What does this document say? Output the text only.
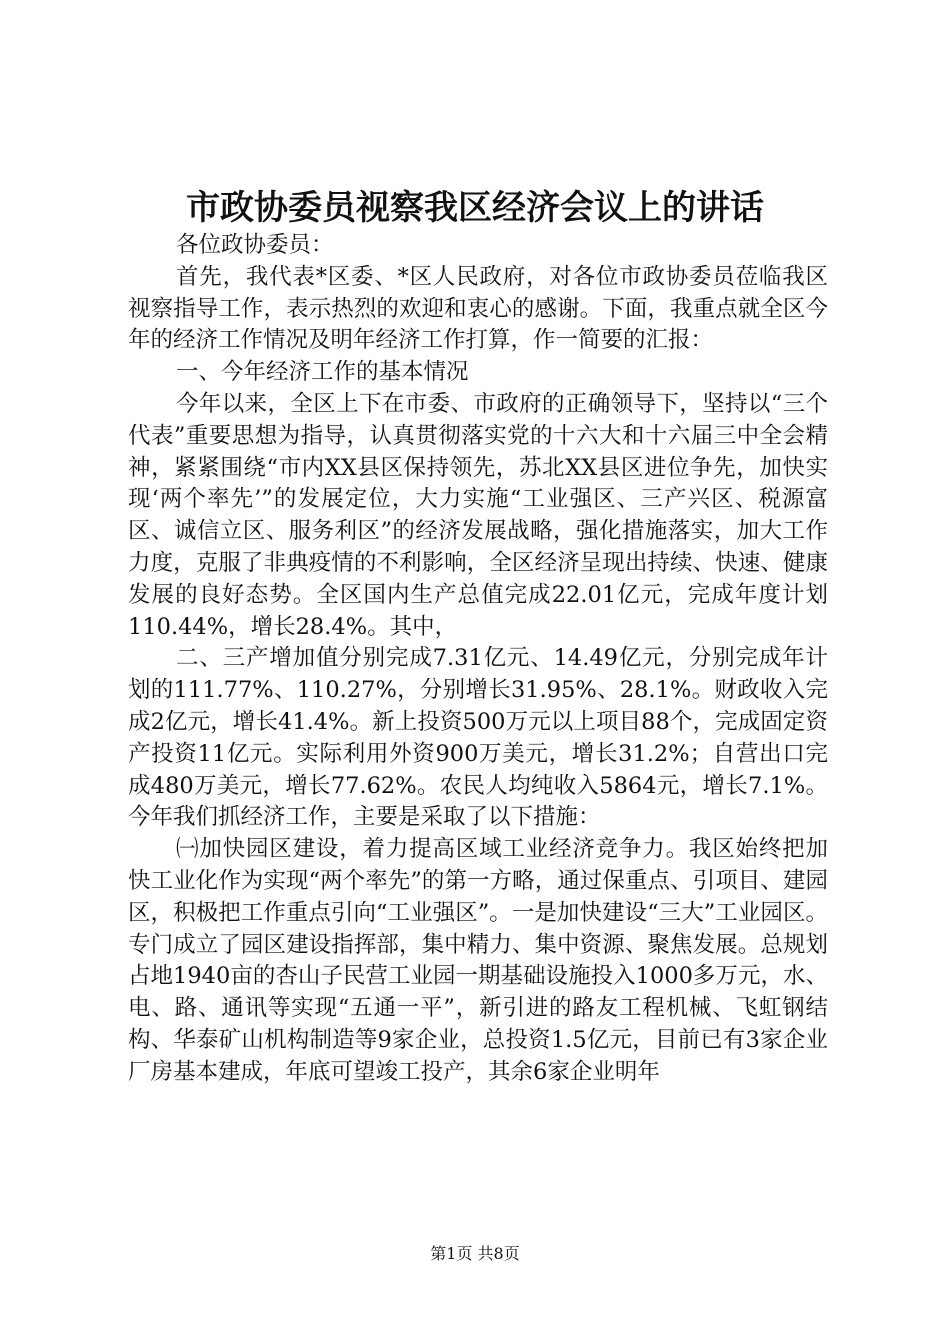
市政协委员视察我区经济会议上的讲话

各位政协委员：

首先，我代表*区委、*区人民政府，对各位市政协委员莅临我区视察指导工作，表示热烈的欢迎和衷心的感谢。下面，我重点就全区今年的经济工作情况及明年经济工作打算，作一简要的汇报：

一、今年经济工作的基本情况

今年以来，全区上下在市委、市政府的正确领导下，坚持以“三个代表”重要思想为指导，认真贯彻落实党的十六大和十六届三中全会精神，紧紧围绕“市内XX县区保持领先，苏北XX县区进位争先，加快实现‘两个率先’”的发展定位，大力实施“工业强区、三产兴区、税源富区、诚信立区、服务利区”的经济发展战略，强化措施落实，加大工作力度，克服了非典疫情的不利影响，全区经济呈现出持续、快速、健康发展的良好态势。全区国内生产总值完成22.01亿元，完成年度计划110.44%，增长28.4%。其中，

二、三产增加值分别完成7.31亿元、14.49亿元，分别完成年计划的111.77%、110.27%，分别增长31.95%、28.1%。财政收入完成2亿元，增长41.4%。新上投资500万元以上项目88个，完成固定资产投资11亿元。实际利用外资900万美元，增长31.2%；自营出口完成480万美元，增长77.62%。农民人均纯收入5864元，增长7.1%。今年我们抓经济工作，主要是采取了以下措施：

㈠加快园区建设，着力提高区域工业经济竞争力。我区始终把加快工业化作为实现“两个率先”的第一方略，通过保重点、引项目、建园区，积极把工作重点引向“工业强区”。一是加快建设“三大”工业园区。专门成立了园区建设指挥部，集中精力、集中资源、聚焦发展。总规划占地1940亩的杏山子民营工业园一期基础设施投入1000多万元，水、电、路、通讯等实现“五通一平”，新引进的路友工程机械、飞虹钢结构、华泰矿山机构制造等9家企业，总投资1.5亿元，目前已有3家企业厂房基本建成，年底可望竣工投产，其余6家企业明年

第1页 共8页
